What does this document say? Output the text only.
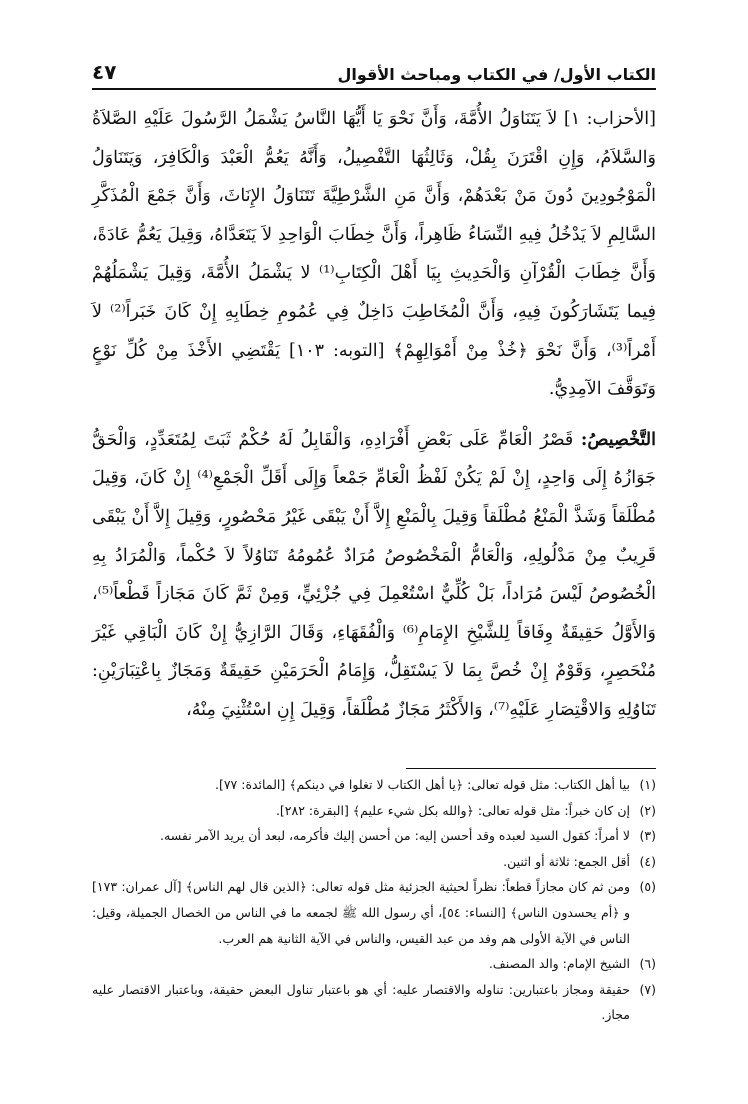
الكتاب الأول/ في الكتاب ومباحث الأقوال
٤٧

[الأحزاب: ١] لاَ يَتَنَاوَلُ الأُمَّةَ، وَأَنَّ نَحْوَ يَا أَيُّهَا النَّاسُ يَشْمَلُ الرَّسُولَ عَلَيْهِ الصَّلاَةُ وَالسَّلاَمُ، وَإِنِ اقْتَرَنَ بِقُلْ، وَثَالِثُهَا التَّفْصِيلُ، وَأَنَّهُ يَعُمُّ الْعَبْدَ وَالْكَافِرَ، وَيَتَنَاوَلُ الْمَوْجُودِينَ دُونَ مَنْ بَعْدَهُمْ، وَأَنَّ مَنِ الشَّرْطِيَّةَ تَتَنَاوَلُ الإِنَاثَ، وَأَنَّ جَمْعَ الْمُذَكَّرِ السَّالِمِ لاَ يَدْخُلُ فِيهِ النِّسَاءُ ظَاهِراً، وَأَنَّ خِطَابَ الْوَاحِدِ لاَ يَتَعَدَّاهُ، وَقِيلَ يَعُمُّ عَادَةً، وَأَنَّ خِطَابَ الْقُرْآنِ وَالْحَدِيثِ بِيَا أَهْلَ الْكِتَابِ⁽¹⁾ لا يَشْمَلُ الأُمَّةَ، وَقِيلَ يَشْمَلُهُمْ فِيما يَتَشَارَكُونَ فِيهِ، وَأَنَّ الْمُخَاطِبَ دَاخِلٌ فِي عُمُومِ خِطَابِهِ إِنْ كَانَ خَبَراً⁽²⁾ لاَ أَمْراً⁽³⁾، وَأَنَّ نَحْوَ ﴿خُذْ مِنْ أَمْوَالِهِمْ﴾ [التوبه: ١٠٣] يَقْتَضِي الأَخْذَ مِنْ كُلِّ نَوْعٍ وَتَوَقَّفَ الآمِدِيُّ.

التَّخْصِيصُ: قَصْرُ الْعَامِّ عَلَى بَعْضِ أَفْرَادِهِ، وَالْقَابِلُ لَهُ حُكْمٌ ثَبَتَ لِمُتَعَدِّدٍ، وَالْحَقُّ جَوَازُهُ إِلَى وَاحِدٍ، إِنْ لَمْ يَكُنْ لَفْظُ الْعَامِّ جَمْعاً وَإِلَى أَقَلِّ الْجَمْعِ⁽⁴⁾ إِنْ كَانَ، وَقِيلَ مُطْلَقاً وَشَذَّ الْمَنْعُ مُطْلَقاً وَقِيلَ بِالْمَنْعِ إِلاَّ أَنْ يَبْقَى غَيْرُ مَحْصُورٍ، وَقِيلَ إِلاَّ أَنْ يَبْقَى قَرِيبٌ مِنْ مَدْلُولِهِ، وَالْعَامُّ الْمَخْصُوصُ مُرَادٌ عُمُومُهُ تَنَاوُلاً لاَ حُكْماً، وَالْمُرَادُ بِهِ الْخُصُوصُ لَيْسَ مُرَاداً، بَلْ كُلِّيٌّ اسْتُعْمِلَ فِي جُزْئِيٍّ، وَمِنْ ثَمَّ كَانَ مَجَازاً قَطْعاً⁽⁵⁾، وَالأَوَّلُ حَقِيقَةٌ وِفَاقاً لِلشَّيْخِ الإِمَامِ⁽⁶⁾ وَالْفُقَهَاءِ، وَقَالَ الرَّازِيُّ إِنْ كَانَ الْبَاقِي غَيْرَ مُنْحَصِرٍ، وَقَوْمٌ إِنْ خُصَّ بِمَا لاَ يَسْتَقِلُّ، وَإِمَامُ الْحَرَمَيْنِ حَقِيقَةٌ وَمَجَازٌ بِاعْتِبَارَيْنِ: تَنَاوُلِهِ وَالاقْتِصَارِ عَلَيْهِ⁽⁷⁾، وَالأَكْثَرُ مَجَازٌ مُطْلَقاً، وَقِيلَ إِنِ اسْتُثْنِيَ مِنْهُ،

(١)
بيا أهل الكتاب: مثل قوله تعالى: ﴿يا أهل الكتاب لا تغلوا في دينكم﴾ [المائدة: ٧٧].
(٢)
إن كان خبراً: مثل قوله تعالى: ﴿والله بكل شيء عليم﴾ [البقرة: ٢٨٢].
(٣)
لا أمراً: كقول السيد لعبده وقد أحسن إليه: من أحسن إليك فأكرمه، لبعد أن يريد الآمر نفسه.
(٤)
أقل الجمع: ثلاثة أو اثنين.
(٥)
ومن ثم كان مجازاً قطعاً: نظراً لحيثية الجزئية مثل قوله تعالى: ﴿الذين قال لهم الناس﴾ [آل عمران: ١٧٣] و ﴿أم يحسدون الناس﴾ [النساء: ٥٤]، أي رسول الله ﷺ لجمعه ما في الناس من الخصال الجميلة، وقيل: الناس في الآية الأولى هم وفد من عبد القيس، والناس في الآية الثانية هم العرب.
(٦)
الشيخ الإمام: والد المصنف.
(٧)
حقيقة ومجاز باعتبارين: تناوله والاقتصار عليه: أي هو باعتبار تناول البعض حقيقة، وباعتبار الاقتصار عليه مجاز.
